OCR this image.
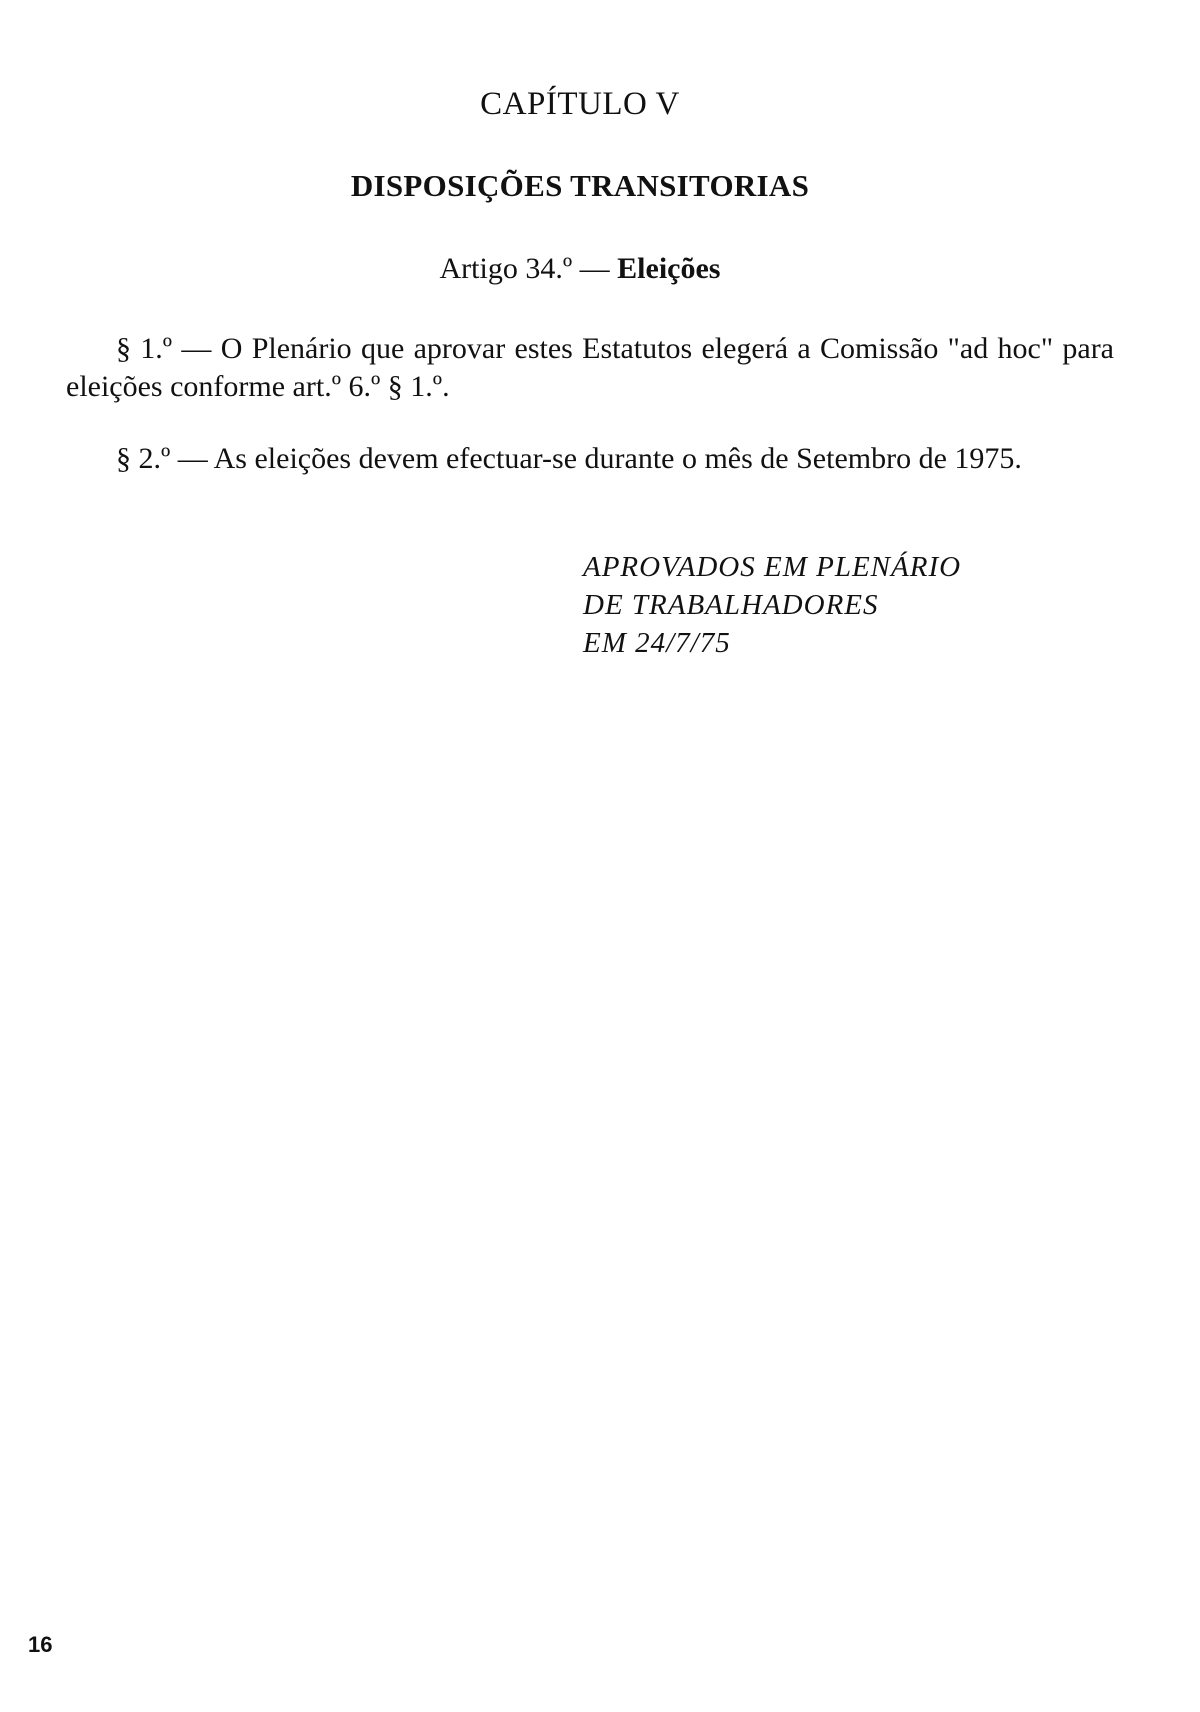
CAPÍTULO V
DISPOSIÇÕES TRANSITORIAS
Artigo 34.º — Eleições

§ 1.º — O Plenário que aprovar estes Estatutos elegerá a Comissão "ad hoc" para eleições conforme art.º 6.º § 1.º.

§ 2.º — As eleições devem efectuar-se durante o mês de Setembro de 1975.

APROVADOS EM PLENÁRIO
DE TRABALHADORES
EM 24/7/75
16
